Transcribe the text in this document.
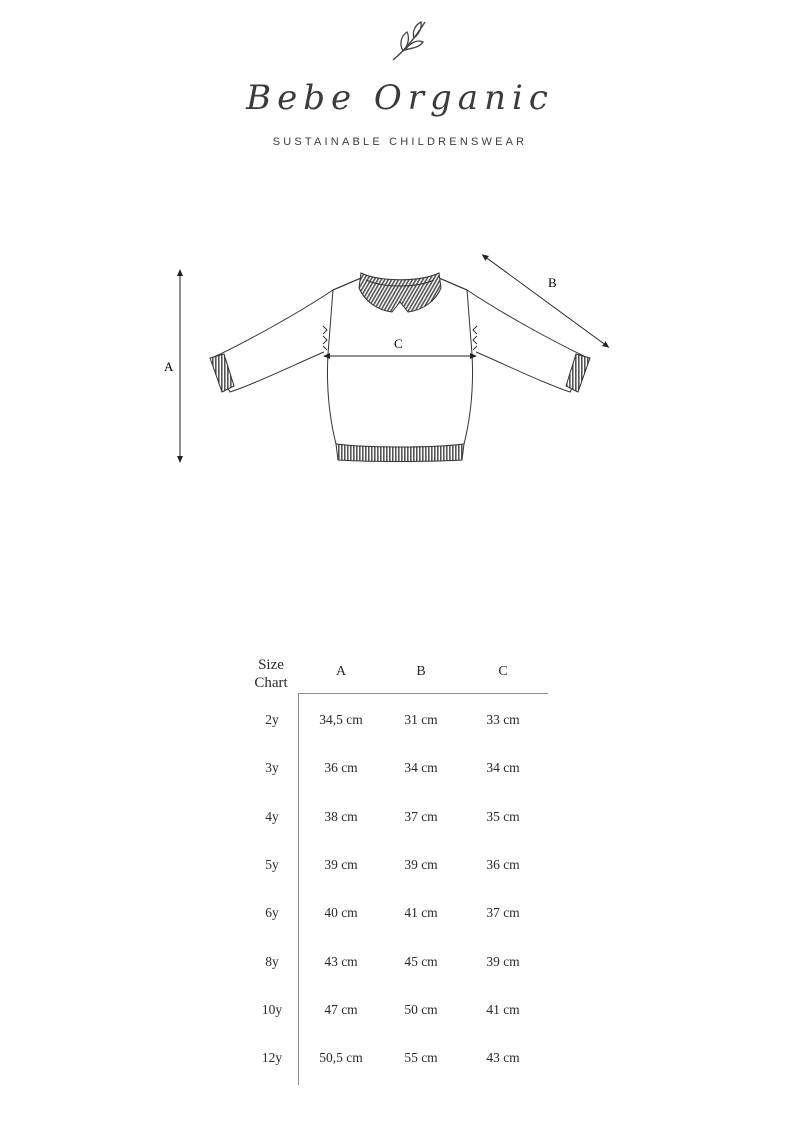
Bebe Organic
SUSTAINABLE CHILDRENSWEAR
A
B
C
Size Chart
A	B	C
2y	34,5 cm	31 cm	33 cm
3y	36 cm	34 cm	34 cm
4y	38 cm	37 cm	35 cm
5y	39 cm	39 cm	36 cm
6y	40 cm	41 cm	37 cm
8y	43 cm	45 cm	39 cm
10y	47 cm	50 cm	41 cm
12y	50,5 cm	55 cm	43 cm
